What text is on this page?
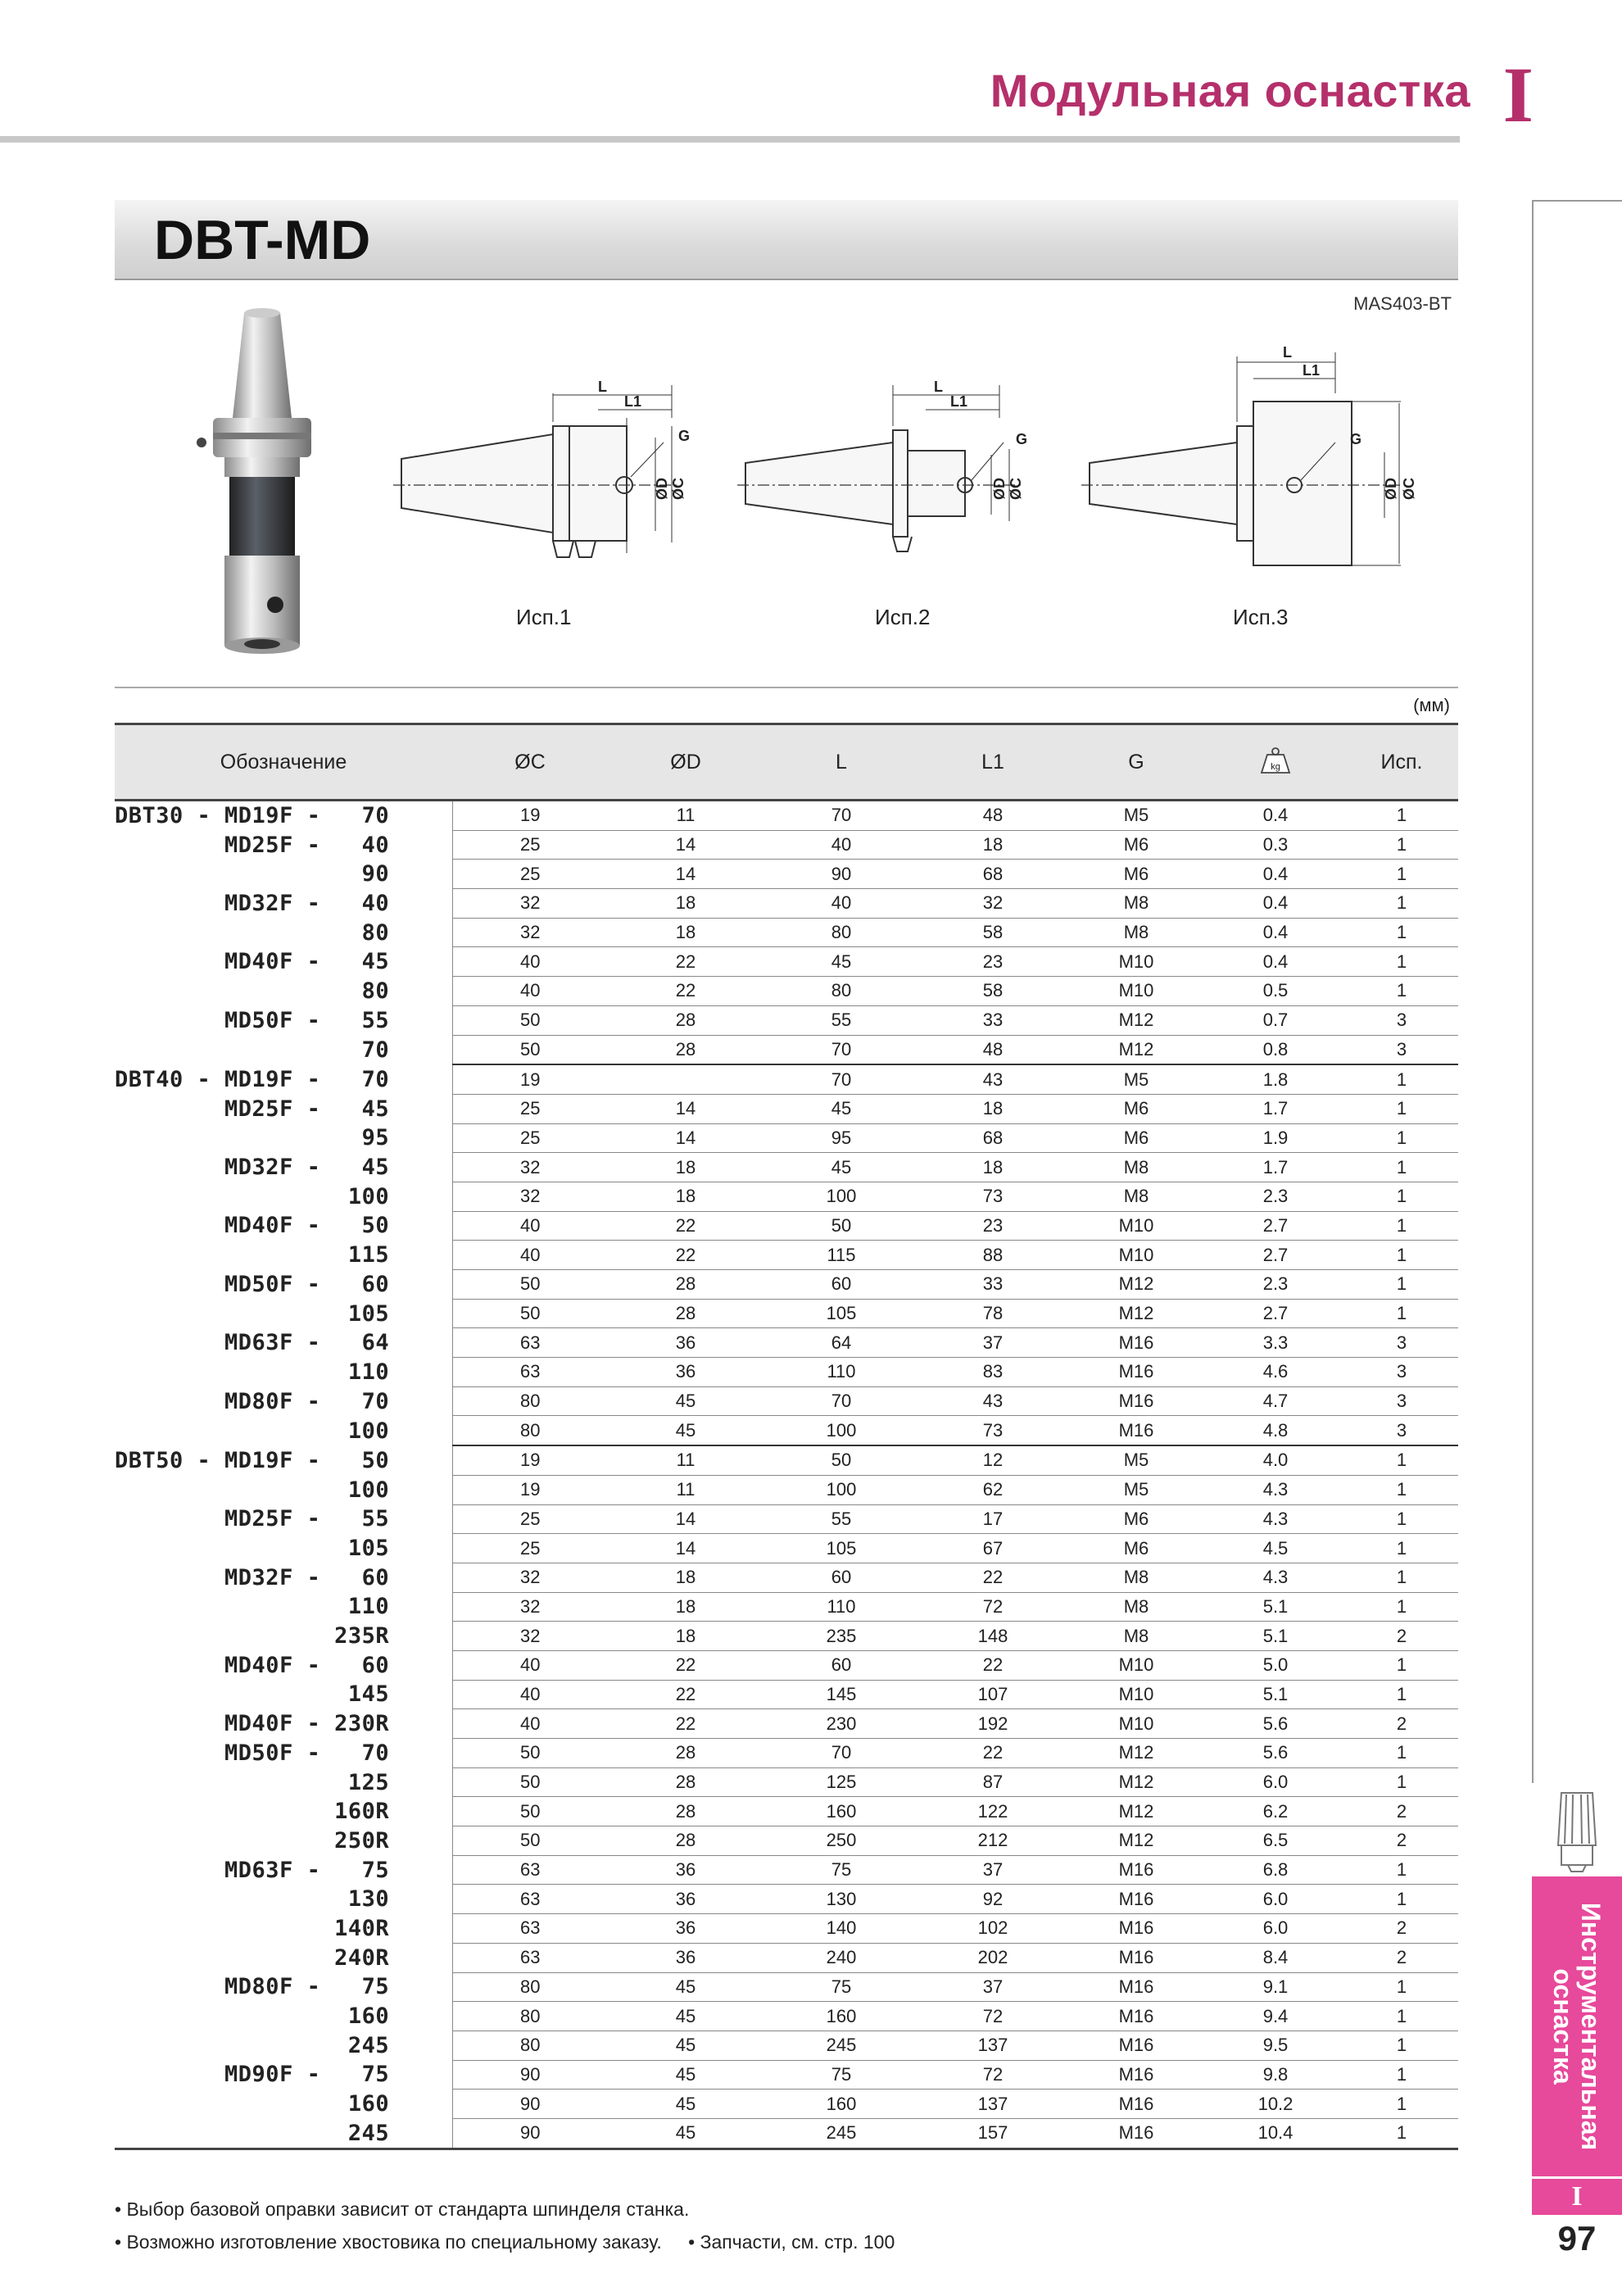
Модульная оснастка I
DBT-MD
MAS403-BT
L
L1
G
ØD ØC
L
L1
G
ØD ØC
L
L1
G
ØD ØC
Исп.1	Исп.2	Исп.3
(мм)
Обозначение	ØC	ØD	L	L1	G	kg	Исп.
DBT30 - MD19F -   70	19	11	70	48	M5	0.4	1
MD25F -   40	25	14	40	18	M6	0.3	1
90	25	14	90	68	M6	0.4	1
MD32F -   40	32	18	40	32	M8	0.4	1
80	32	18	80	58	M8	0.4	1
MD40F -   45	40	22	45	23	M10	0.4	1
80	40	22	80	58	M10	0.5	1
MD50F -   55	50	28	55	33	M12	0.7	3
70	50	28	70	48	M12	0.8	3
DBT40 - MD19F -   70	19		70	43	M5	1.8	1
MD25F -   45	25	14	45	18	M6	1.7	1
95	25	14	95	68	M6	1.9	1
MD32F -   45	32	18	45	18	M8	1.7	1
100	32	18	100	73	M8	2.3	1
MD40F -   50	40	22	50	23	M10	2.7	1
115	40	22	115	88	M10	2.7	1
MD50F -   60	50	28	60	33	M12	2.3	1
105	50	28	105	78	M12	2.7	1
MD63F -   64	63	36	64	37	M16	3.3	3
110	63	36	110	83	M16	4.6	3
MD80F -   70	80	45	70	43	M16	4.7	3
100	80	45	100	73	M16	4.8	3
DBT50 - MD19F -   50	19	11	50	12	M5	4.0	1
100	19	11	100	62	M5	4.3	1
MD25F -   55	25	14	55	17	M6	4.3	1
105	25	14	105	67	M6	4.5	1
MD32F -   60	32	18	60	22	M8	4.3	1
110	32	18	110	72	M8	5.1	1
235R	32	18	235	148	M8	5.1	2
MD40F -   60	40	22	60	22	M10	5.0	1
145	40	22	145	107	M10	5.1	1
MD40F - 230R	40	22	230	192	M10	5.6	2
MD50F -   70	50	28	70	22	M12	5.6	1
125	50	28	125	87	M12	6.0	1
160R	50	28	160	122	M12	6.2	2
250R	50	28	250	212	M12	6.5	2
MD63F -   75	63	36	75	37	M16	6.8	1
130	63	36	130	92	M16	6.0	1
140R	63	36	140	102	M16	6.0	2
240R	63	36	240	202	M16	8.4	2
MD80F -   75	80	45	75	37	M16	9.1	1
160	80	45	160	72	M16	9.4	1
245	80	45	245	137	M16	9.5	1
MD90F -   75	90	45	75	72	M16	9.8	1
160	90	45	160	137	M16	10.2	1
245	90	45	245	157	M16	10.4	1
• Выбор базовой оправки зависит от стандарта шпинделя станка.
• Возможно изготовление хвостовика по специальному заказу. • Запчасти, см. стр. 100
Инструментальная
оснастка
I
97
